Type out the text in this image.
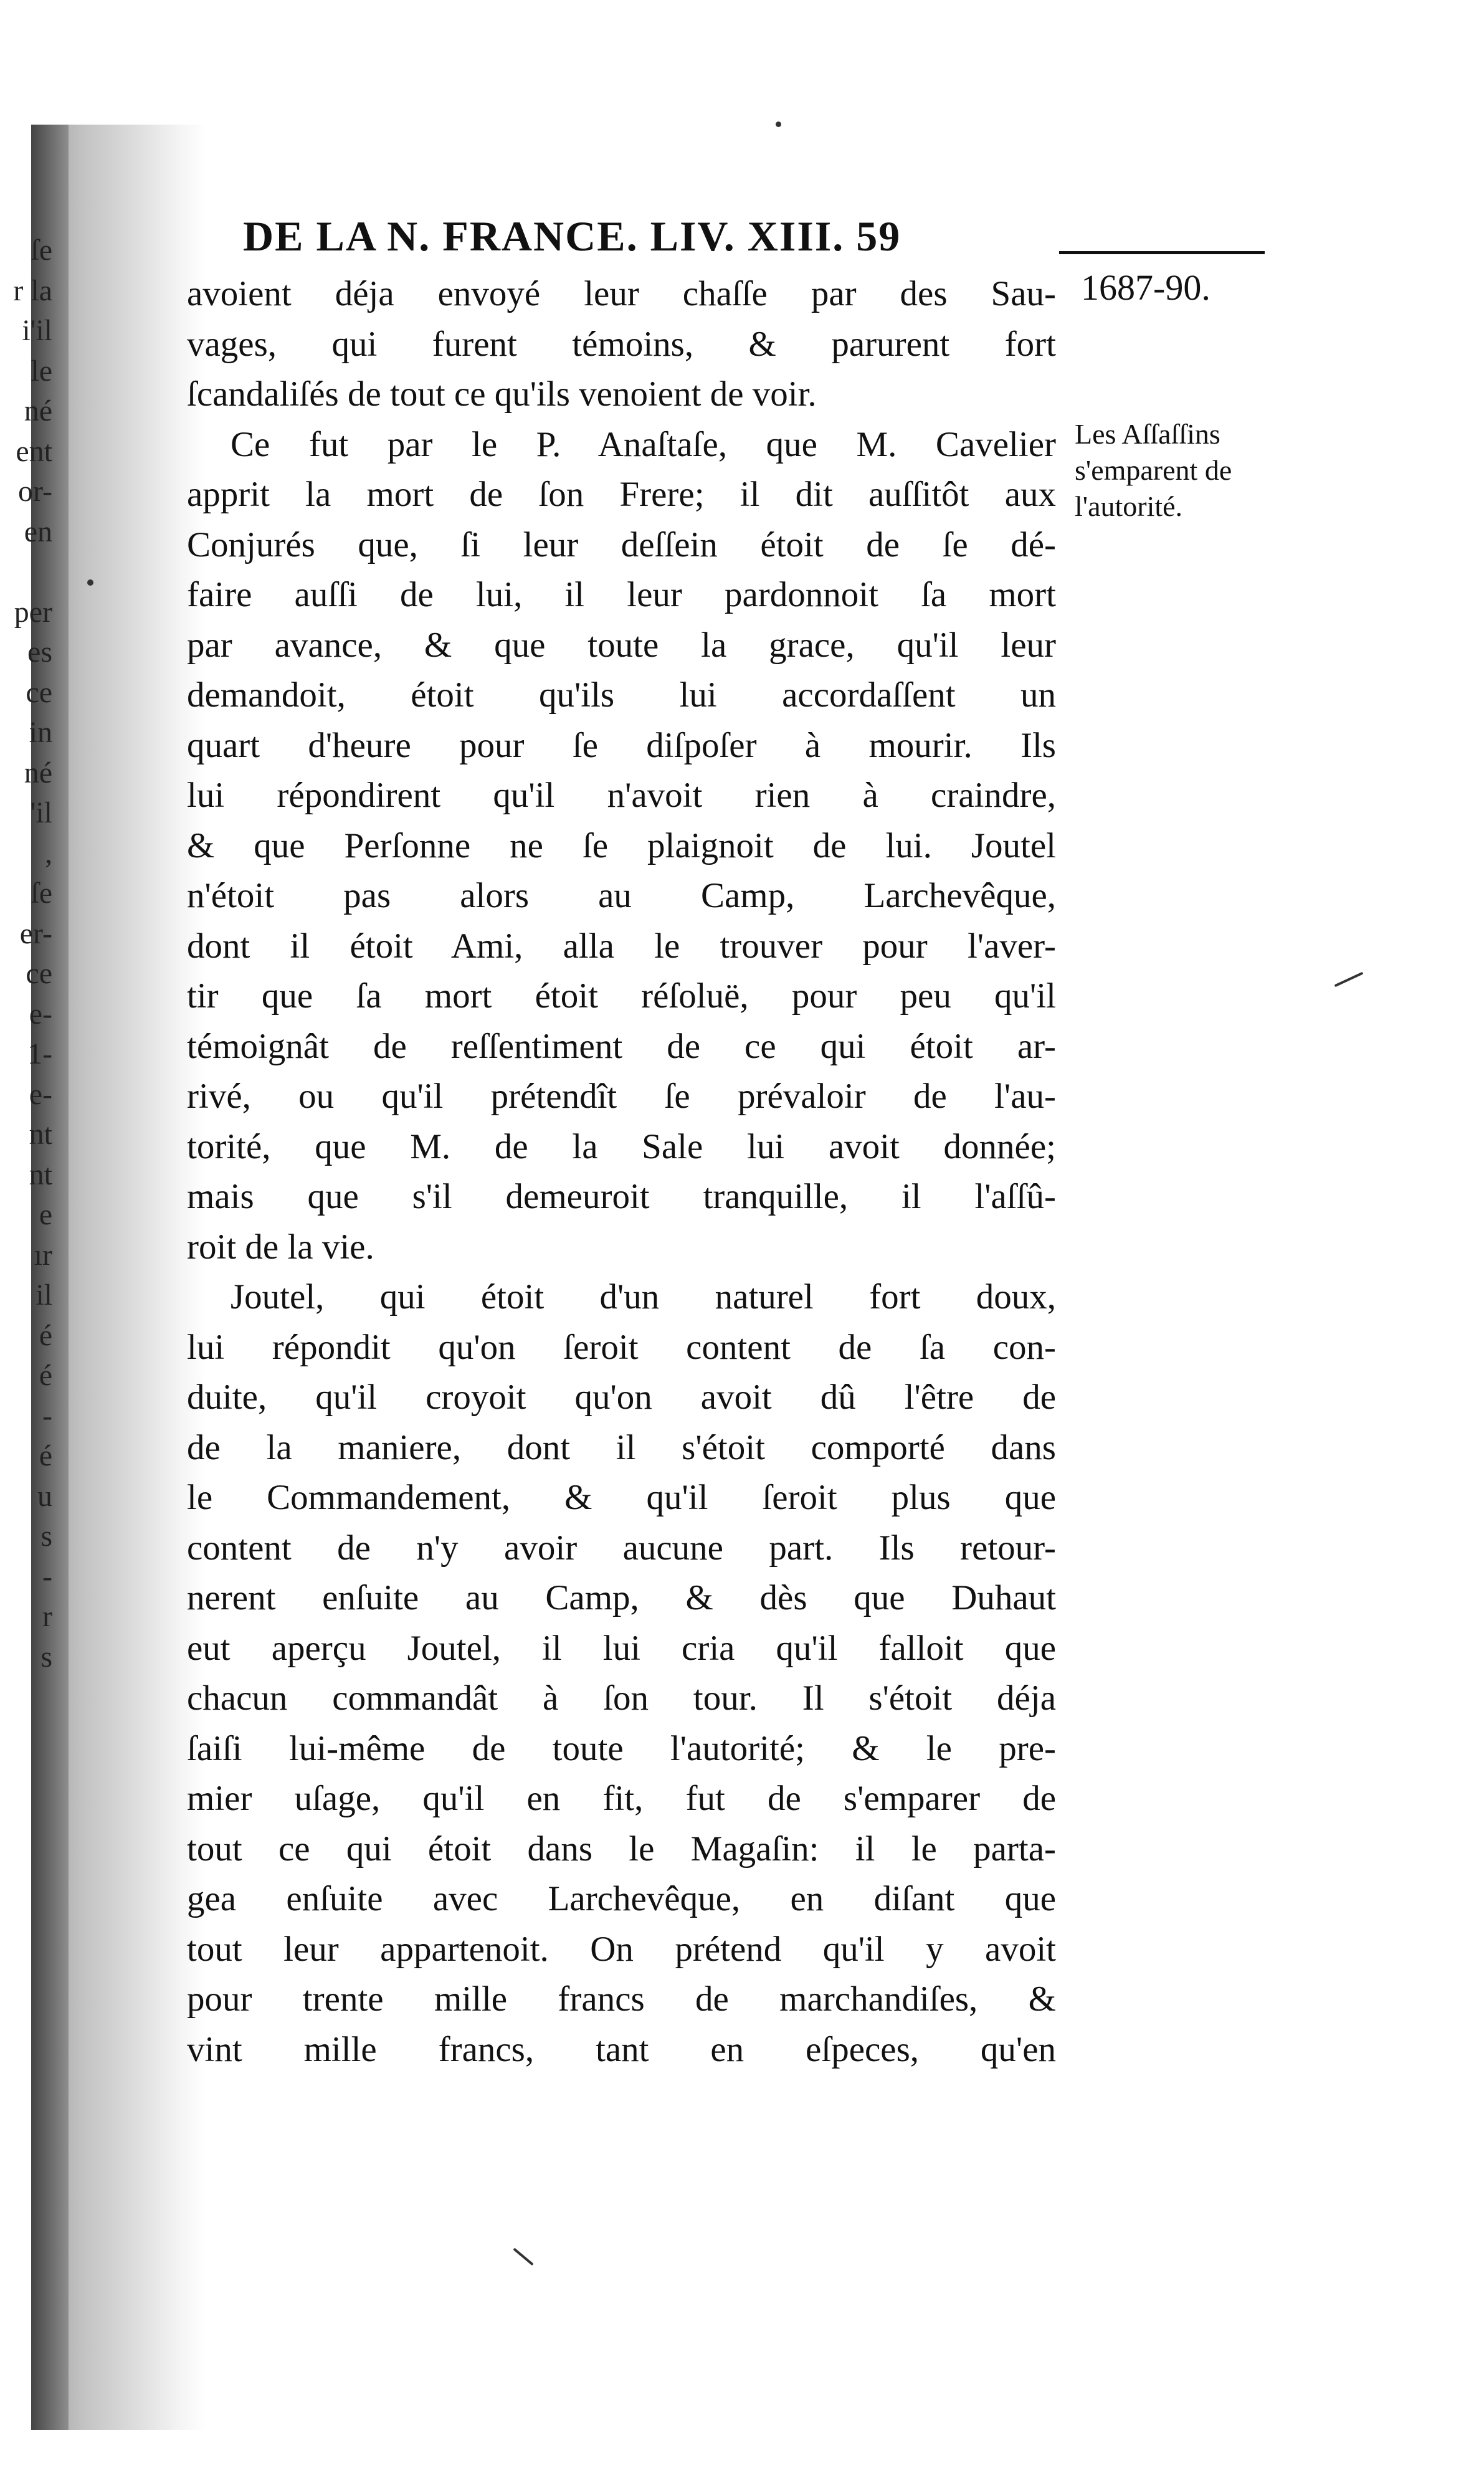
ſe
r la
i'il
le
né
ent
or-
en
per
es
ce
in
né
'il
,
ſe
er-
ce
e-
1-
e-
nt
nt
e
ır
il
é
é
-
é
u
s
-
r
s
DE LA N. FRANCE. LIV. XIII. 59
1687-90.
avoient déja envoyé leur chaſſe par des Sau-
vages, qui furent témoins, & parurent fort
ſcandaliſés de tout ce qu'ils venoient de voir.
Ce fut par le P. Anaſtaſe, que M. Cavelier
apprit la mort de ſon Frere; il dit auſſitôt aux
Conjurés que, ſi leur deſſein étoit de ſe dé-
faire auſſi de lui, il leur pardonnoit ſa mort
par avance, & que toute la grace, qu'il leur
demandoit, étoit qu'ils lui accordaſſent un
quart d'heure pour ſe diſpoſer à mourir. Ils
lui répondirent qu'il n'avoit rien à craindre,
& que Perſonne ne ſe plaignoit de lui. Joutel
n'étoit pas alors au Camp, Larchevêque,
dont il étoit Ami, alla le trouver pour l'aver-
tir que ſa mort étoit réſoluë, pour peu qu'il
témoignât de reſſentiment de ce qui étoit ar-
rivé, ou qu'il prétendît ſe prévaloir de l'au-
torité, que M. de la Sale lui avoit donnée;
mais que s'il demeuroit tranquille, il l'aſſû-
roit de la vie.
Joutel, qui étoit d'un naturel fort doux,
lui répondit qu'on ſeroit content de ſa con-
duite, qu'il croyoit qu'on avoit dû l'être de
de la maniere, dont il s'étoit comporté dans
le Commandement, & qu'il ſeroit plus que
content de n'y avoir aucune part. Ils retour-
nerent enſuite au Camp, & dès que Duhaut
eut aperçu Joutel, il lui cria qu'il falloit que
chacun commandât à ſon tour. Il s'étoit déja
ſaiſi lui-même de toute l'autorité; & le pre-
mier uſage, qu'il en fit, fut de s'emparer de
tout ce qui étoit dans le Magaſin: il le parta-
gea enſuite avec Larchevêque, en diſant que
tout leur appartenoit. On prétend qu'il y avoit
pour trente mille francs de marchandiſes, &
vint mille francs, tant en eſpeces, qu'en
Les Aſſaſſins
s'emparent de
l'autorité.
